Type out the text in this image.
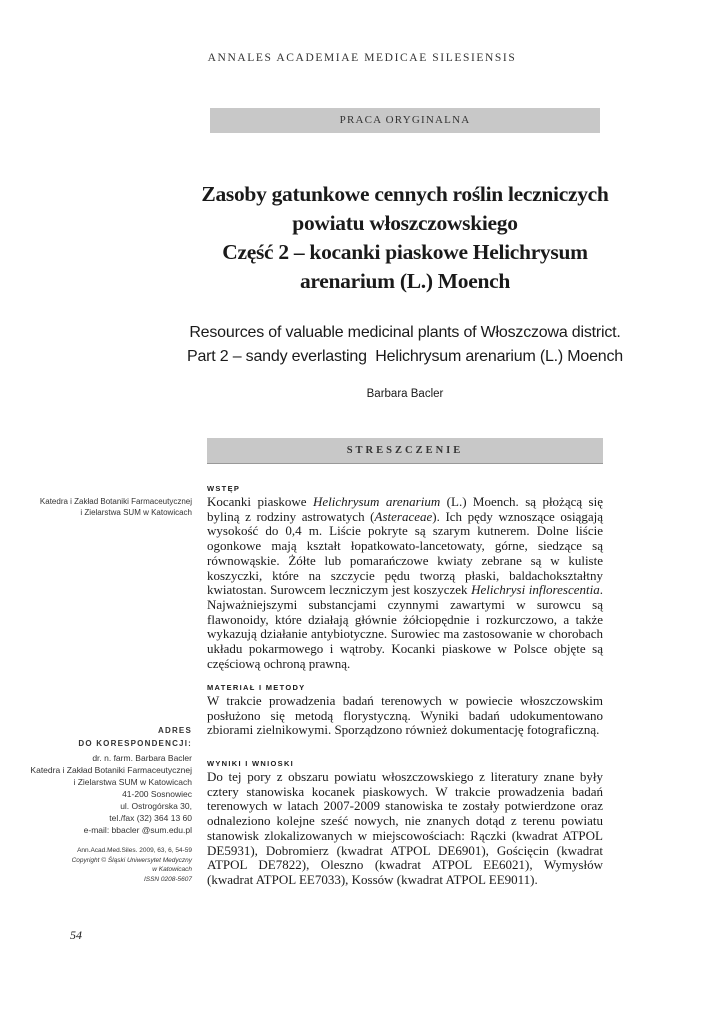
ANNALES ACADEMIAE MEDICAE SILESIENSIS
PRACA ORYGINALNA
Zasoby gatunkowe cennych roślin leczniczych
powiatu włoszczowskiego
Część 2 – kocanki piaskowe Helichrysum
arenarium (L.) Moench
Resources of valuable medicinal plants of Włoszczowa district.
Part 2 – sandy everlasting  Helichrysum arenarium (L.) Moench
Barbara Bacler
STRESZCZENIE
Katedra i Zakład Botaniki Farmaceutycznej
i Zielarstwa SUM w Katowicach
ADRES
DO KORESPONDENCJI:
dr. n. farm. Barbara Bacler
Katedra i Zakład Botaniki Farmaceutycznej
i Zielarstwa SUM w Katowicach
41-200 Sosnowiec
ul. Ostrogórska 30,
tel./fax (32) 364 13 60
e-mail: bbacler @sum.edu.pl
Ann.Acad.Med.Siles. 2009, 63, 6, 54-59
Copyright © Śląski Uniwersytet Medyczny
w Katowicach
ISSN 0208-5607
WSTĘP
Kocanki piaskowe Helichrysum arenarium (L.) Moench. są płożącą się byliną z rodziny astrowatych (Asteraceae). Ich pędy wznoszące osiągają wysokość do 0,4 m. Liście pokryte są szarym kutnerem. Dolne liście ogonkowe mają kształt łopatkowato-lancetowaty, górne, siedzące są równowąskie. Żółte lub pomarańczowe kwiaty zebrane są w kuliste koszyczki, które na szczycie pędu tworzą płaski, baldachokształtny kwiatostan. Surowcem leczniczym jest koszyczek Helichrysi inflorescentia. Najważniejszymi substancjami czynnymi zawartymi w surowcu są flawonoidy, które działają głównie żółciopędnie i rozkurczowo, a także wykazują działanie antybiotyczne. Surowiec ma zastosowanie w chorobach układu pokarmowego i wątroby. Kocanki piaskowe w Polsce objęte są częściową ochroną prawną.
MATERIAŁ I METODY
W trakcie prowadzenia badań terenowych w powiecie włoszczowskim posłużono się metodą florystyczną. Wyniki badań udokumentowano zbiorami zielnikowymi. Sporządzono również dokumentację fotograficzną.
WYNIKI I WNIOSKI
Do tej pory z obszaru powiatu włoszczowskiego z literatury znane były cztery stanowiska kocanek piaskowych. W trakcie prowadzenia badań terenowych w latach 2007-2009 stanowiska te zostały potwierdzone oraz odnaleziono kolejne sześć nowych, nie znanych dotąd z terenu powiatu stanowisk zlokalizowanych w miejscowościach: Rączki (kwadrat ATPOL DE5931), Dobromierz (kwadrat ATPOL DE6901), Gościęcin (kwadrat ATPOL DE7822), Oleszno (kwadrat ATPOL EE6021), Wymysłów (kwadrat ATPOL EE7033), Kossów (kwadrat ATPOL EE9011).
54
